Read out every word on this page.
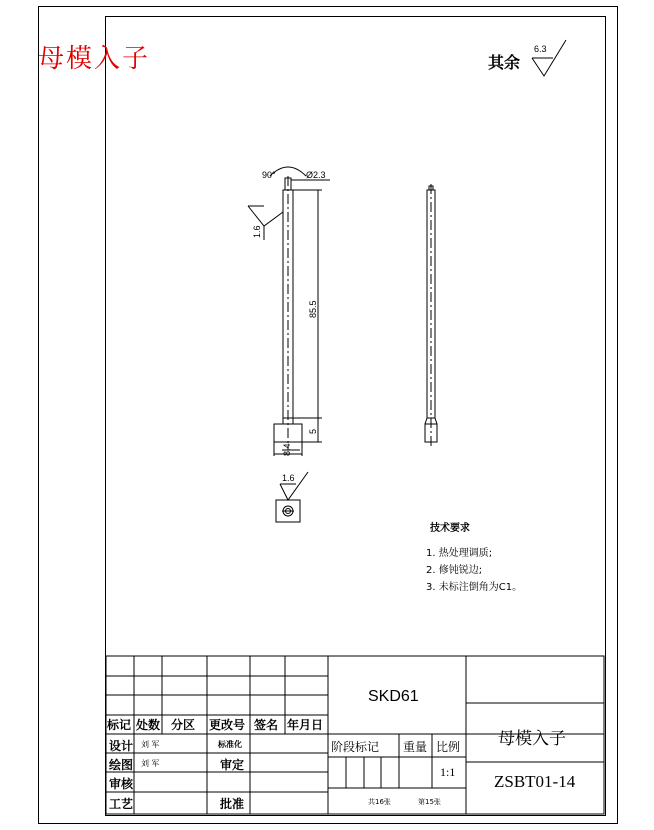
母模入子	其余
6.3
90°	Ø2.3
1.6
85.5
5
8.4
1.6
技术要求
1. 热处理调质;
2. 修钝锐边;
3. 未标注倒角为C1。
标记 处数 分区 更改号 签名 年月日
设计 刘 军	标准化
绘图 刘 军	审定
审核
工艺	批准
SKD61
阶段标记 重量 比例
1:1
共16张	第15张
母模入子
ZSBT01-14
